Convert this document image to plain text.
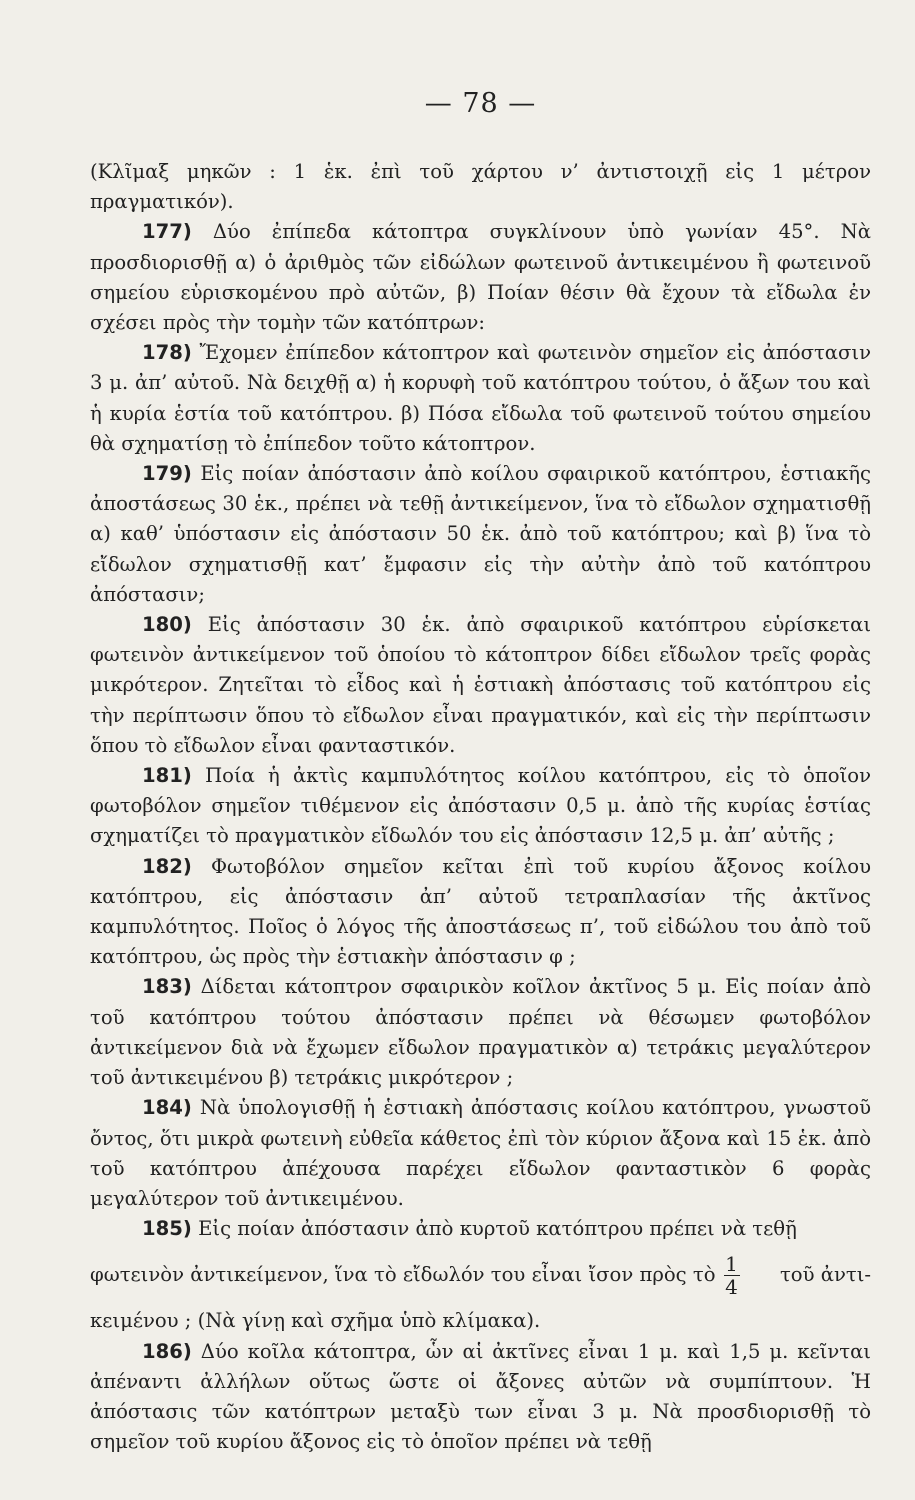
— 78 —

(Κλῖμαξ μηκῶν : 1 ἑκ. ἐπὶ τοῦ χάρτου ν’ ἀντιστοιχῇ εἰς 1 μέτρον πραγματικόν).

177) Δύο ἐπίπεδα κάτοπτρα συγκλίνουν ὑπὸ γωνίαν 45°. Νὰ προσδιορισθῇ α) ὁ ἀριθμὸς τῶν εἰδώλων φωτεινοῦ ἀντικειμένου ἢ φωτεινοῦ σημείου εὑρισκομένου πρὸ αὐτῶν, β) Ποίαν θέσιν θὰ ἔχουν τὰ εἴδωλα ἐν σχέσει πρὸς τὴν τομὴν τῶν κατόπτρων:

178) Ἔχομεν ἐπίπεδον κάτοπτρον καὶ φωτεινὸν σημεῖον εἰς ἀπόστασιν 3 μ. ἀπ’ αὐτοῦ. Νὰ δειχθῇ α) ἡ κορυφὴ τοῦ κατόπτρου τούτου, ὁ ἄξων του καὶ ἡ κυρία ἑστία τοῦ κατόπτρου. β) Πόσα εἴδωλα τοῦ φωτεινοῦ τούτου σημείου θὰ σχηματίσῃ τὸ ἐπίπεδον τοῦτο κάτοπτρον.

179) Εἰς ποίαν ἀπόστασιν ἀπὸ κοίλου σφαιρικοῦ κατόπτρου, ἑστιακῆς ἀποστάσεως 30 ἑκ., πρέπει νὰ τεθῇ ἀντικείμενον, ἵνα τὸ εἴδωλον σχηματισθῇ α) καθ’ ὑπόστασιν εἰς ἀπόστασιν 50 ἑκ. ἀπὸ τοῦ κατόπτρου; καὶ β) ἵνα τὸ εἴδωλον σχηματισθῇ κατ’ ἔμφασιν εἰς τὴν αὐτὴν ἀπὸ τοῦ κατόπτρου ἀπόστασιν;

180) Εἰς ἀπόστασιν 30 ἑκ. ἀπὸ σφαιρικοῦ κατόπτρου εὑρίσκεται φωτεινὸν ἀντικείμενον τοῦ ὁποίου τὸ κάτοπτρον δίδει εἴδωλον τρεῖς φορὰς μικρότερον. Ζητεῖται τὸ εἶδος καὶ ἡ ἑστιακὴ ἀπόστασις τοῦ κατόπτρου εἰς τὴν περίπτωσιν ὅπου τὸ εἴδωλον εἶναι πραγματικόν, καὶ εἰς τὴν περίπτωσιν ὅπου τὸ εἴδωλον εἶναι φανταστικόν.

181) Ποία ἡ ἀκτὶς καμπυλότητος κοίλου κατόπτρου, εἰς τὸ ὁποῖον φωτοβόλον σημεῖον τιθέμενον εἰς ἀπόστασιν 0,5 μ. ἀπὸ τῆς κυρίας ἑστίας σχηματίζει τὸ πραγματικὸν εἴδωλόν του εἰς ἀπόστασιν 12,5 μ. ἀπ’ αὐτῆς ;

182) Φωτοβόλον σημεῖον κεῖται ἐπὶ τοῦ κυρίου ἄξονος κοίλου κατόπτρου, εἰς ἀπόστασιν ἀπ’ αὐτοῦ τετραπλασίαν τῆς ἀκτῖνος καμπυλότητος. Ποῖος ὁ λόγος τῆς ἀποστάσεως π’, τοῦ εἰδώλου του ἀπὸ τοῦ κατόπτρου, ὡς πρὸς τὴν ἑστιακὴν ἀπόστασιν φ ;

183) Δίδεται κάτοπτρον σφαιρικὸν κοῖλον ἀκτῖνος 5 μ. Εἰς ποίαν ἀπὸ τοῦ κατόπτρου τούτου ἀπόστασιν πρέπει νὰ θέσωμεν φωτοβόλον ἀντικείμενον διὰ νὰ ἔχωμεν εἴδωλον πραγματικὸν α) τετράκις μεγαλύτερον τοῦ ἀντικειμένου β) τετράκις μικρότερον ;

184) Νὰ ὑπολογισθῇ ἡ ἑστιακὴ ἀπόστασις κοίλου κατόπτρου, γνωστοῦ ὄντος, ὅτι μικρὰ φωτεινὴ εὐθεῖα κάθετος ἐπὶ τὸν κύριον ἄξονα καὶ 15 ἑκ. ἀπὸ τοῦ κατόπτρου ἀπέχουσα παρέχει εἴδωλον φανταστικὸν 6 φορὰς μεγαλύτερον τοῦ ἀντικειμένου.

185) Εἰς ποίαν ἀπόστασιν ἀπὸ κυρτοῦ κατόπτρου πρέπει νὰ τεθῇ

φωτεινὸν ἀντικείμενον, ἵνα τὸ εἴδωλόν του εἶναι ἴσον πρὸς τὸ $\frac{1}{4}$ τοῦ ἀντι-

κειμένου ; (Νὰ γίνῃ καὶ σχῆμα ὑπὸ κλίμακα).

186) Δύο κοῖλα κάτοπτρα, ὧν αἱ ἀκτῖνες εἶναι 1 μ. καὶ 1,5 μ. κεῖνται ἀπέναντι ἀλλήλων οὕτως ὥστε οἱ ἄξονες αὐτῶν νὰ συμπίπτουν. Ἡ ἀπόστασις τῶν κατόπτρων μεταξὺ των εἶναι 3 μ. Νὰ προσδιορισθῇ τὸ σημεῖον τοῦ κυρίου ἄξονος εἰς τὸ ὁποῖον πρέπει νὰ τεθῇ
